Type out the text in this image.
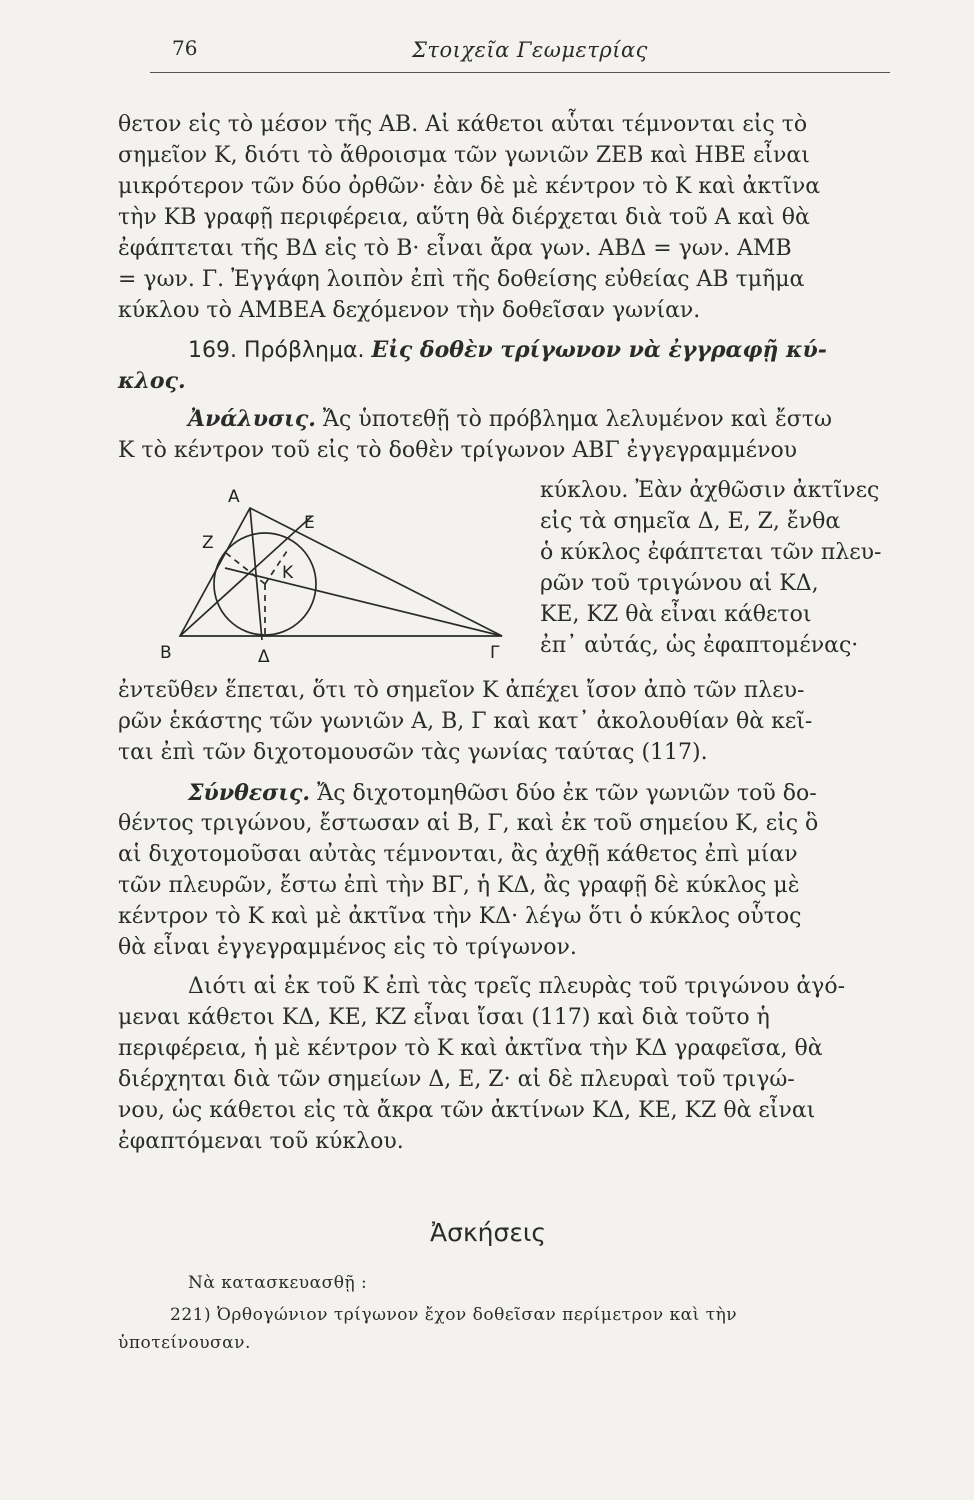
76	Στοιχεῖα Γεωμετρίας
θετον εἰς τὸ μέσον τῆς ΑΒ. Αἱ κάθετοι αὗται τέμνονται εἰς τὸ
σημεῖον Κ, διότι τὸ ἄθροισμα τῶν γωνιῶν ΖΕΒ καὶ ΗΒΕ εἶναι
μικρότερον τῶν δύο ὀρθῶν· ἐὰν δὲ μὲ κέντρον τὸ Κ καὶ ἀκτῖνα
τὴν ΚΒ γραφῇ περιφέρεια, αὕτη θὰ διέρχεται διὰ τοῦ Α καὶ θὰ
ἐφάπτεται τῆς ΒΔ εἰς τὸ Β· εἶναι ἄρα γων. ΑΒΔ = γων. ΑΜΒ
= γων. Γ. Ἐγγάφη λοιπὸν ἐπὶ τῆς δοθείσης εὐθείας ΑΒ τμῆμα
κύκλου τὸ ΑΜΒΕΑ δεχόμενον τὴν δοθεῖσαν γωνίαν.
169. Πρόβλημα. Εἰς δοθὲν τρίγωνον νὰ ἐγγραφῇ κύ-
κλος.
Ἀνάλυσις. Ἄς ὑποτεθῇ τὸ πρόβλημα λελυμένον καὶ ἔστω
Κ τὸ κέντρον τοῦ εἰς τὸ δοθὲν τρίγωνον ΑΒΓ ἐγγεγραμμένου
Α
Β	Γ
Δ
Ε
Ζ
Κ
κύκλου. Ἐὰν ἀχθῶσιν ἀκτῖνες
εἰς τὰ σημεῖα Δ, Ε, Ζ, ἔνθα
ὁ κύκλος ἐφάπτεται τῶν πλευ-
ρῶν τοῦ τριγώνου αἱ ΚΔ,
ΚΕ, ΚΖ θὰ εἶναι κάθετοι
ἐπ᾽ αὐτάς, ὡς ἐφαπτομένας·
ἐντεῦθεν ἕπεται, ὅτι τὸ σημεῖον Κ ἀπέχει ἴσον ἀπὸ τῶν πλευ-
ρῶν ἑκάστης τῶν γωνιῶν Α, Β, Γ καὶ κατ᾽ ἀκολουθίαν θὰ κεῖ-
ται ἐπὶ τῶν διχοτομουσῶν τὰς γωνίας ταύτας (117).
Σύνθεσις. Ἄς διχοτομηθῶσι δύο ἐκ τῶν γωνιῶν τοῦ δο-
θέντος τριγώνου, ἔστωσαν αἱ Β, Γ, καὶ ἐκ τοῦ σημείου Κ, εἰς ὃ
αἱ διχοτομοῦσαι αὐτὰς τέμνονται, ἂς ἀχθῇ κάθετος ἐπὶ μίαν
τῶν πλευρῶν, ἔστω ἐπὶ τὴν ΒΓ, ἡ ΚΔ, ἂς γραφῇ δὲ κύκλος μὲ
κέντρον τὸ Κ καὶ μὲ ἀκτῖνα τὴν ΚΔ· λέγω ὅτι ὁ κύκλος οὗτος
θὰ εἶναι ἐγγεγραμμένος εἰς τὸ τρίγωνον.
Διότι αἱ ἐκ τοῦ Κ ἐπὶ τὰς τρεῖς πλευρὰς τοῦ τριγώνου ἀγό-
μεναι κάθετοι ΚΔ, ΚΕ, ΚΖ εἶναι ἴσαι (117) καὶ διὰ τοῦτο ἡ
περιφέρεια, ἡ μὲ κέντρον τὸ Κ καὶ ἀκτῖνα τὴν ΚΔ γραφεῖσα, θὰ
διέρχηται διὰ τῶν σημείων Δ, Ε, Ζ· αἱ δὲ πλευραὶ τοῦ τριγώ-
νου, ὡς κάθετοι εἰς τὰ ἄκρα τῶν ἀκτίνων ΚΔ, ΚΕ, ΚΖ θὰ εἶναι
ἐφαπτόμεναι τοῦ κύκλου.
Ἀσκήσεις
Νὰ κατασκευασθῇ :
221) Ὀρθογώνιον τρίγωνον ἔχον δοθεῖσαν περίμετρον καὶ τὴν
ὑποτείνουσαν.
